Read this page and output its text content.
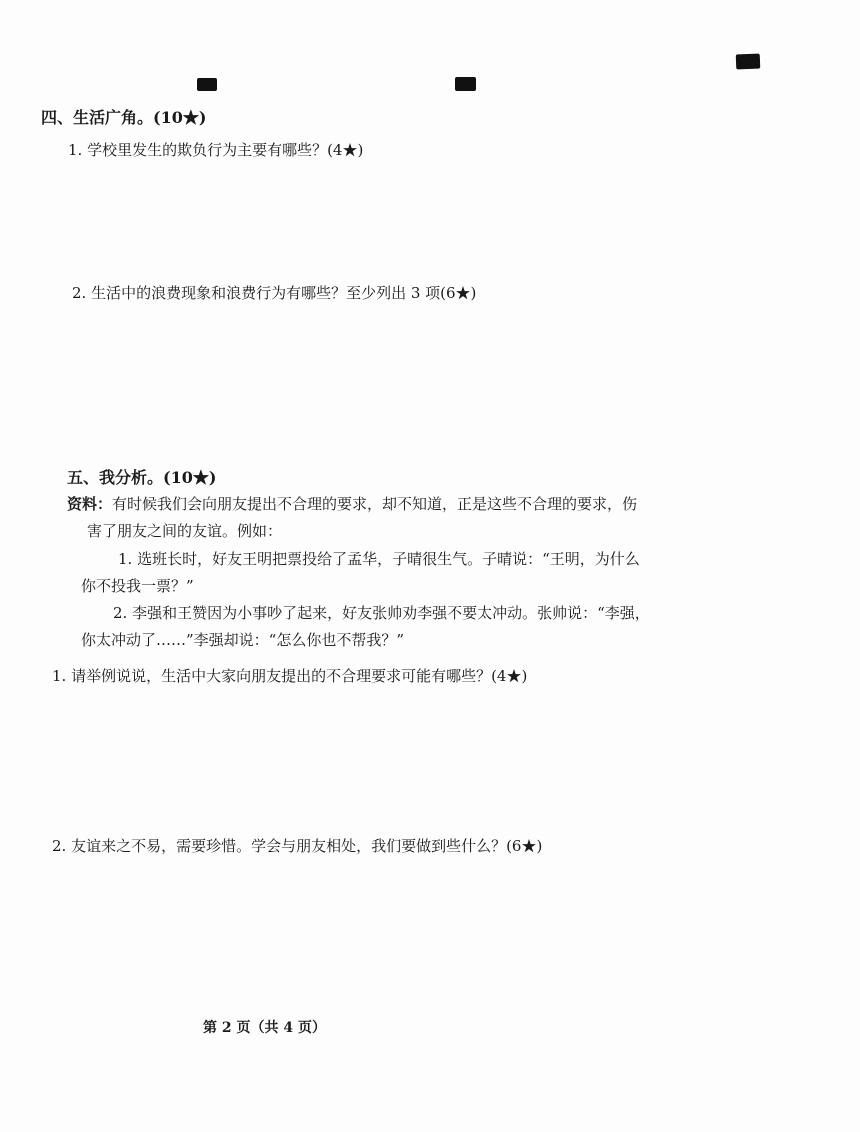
四、生活广角。(10★)
1. 学校里发生的欺负行为主要有哪些？(4★)
2. 生活中的浪费现象和浪费行为有哪些？至少列出 3 项(6★)
五、我分析。(10★)
资料：有时候我们会向朋友提出不合理的要求，却不知道，正是这些不合理的要求，伤
害了朋友之间的友谊。例如：
1. 选班长时，好友王明把票投给了孟华，子晴很生气。子晴说：“王明，为什么
你不投我一票？”
2. 李强和王赞因为小事吵了起来，好友张帅劝李强不要太冲动。张帅说：“李强，
你太冲动了……”李强却说：“怎么你也不帮我？”
1. 请举例说说，生活中大家向朋友提出的不合理要求可能有哪些？(4★)
2. 友谊来之不易，需要珍惜。学会与朋友相处，我们要做到些什么？(6★)
第 2 页（共 4 页）
